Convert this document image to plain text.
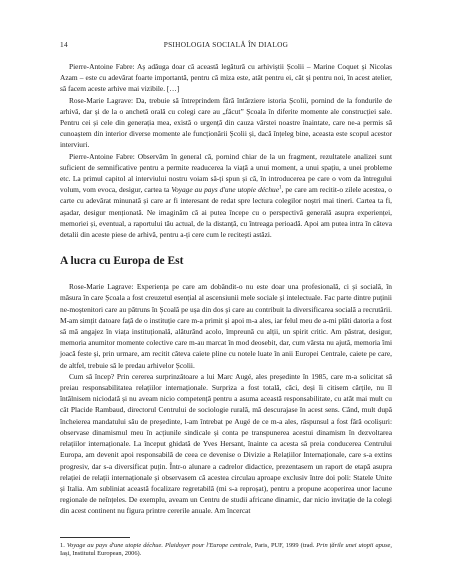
14	PSIHOLOGIA SOCIALĂ ÎN DIALOG

Pierre-Antoine Fabre: Aș adăuga doar că această legătură cu arhiviștii Școlii – Marine Coquet și Nicolas Azam – este cu adevărat foarte importantă, pentru că miza este, atât pentru ei, cât și pentru noi, în acest atelier, să facem aceste arhive mai vizibile. […]

Rose-Marie Lagrave: Da, trebuie să întreprindem fără întârziere istoria Școlii, pornind de la fondurile de arhivă, dar și de la o anchetă orală cu colegi care au „făcut” Școala în diferite momente ale construcției sale. Pentru cei și cele din generația mea, există o urgență din cauza vârstei noastre înaintate, care ne-a permis să cunoaștem din interior diverse momente ale funcționării Școlii și, dacă înțeleg bine, aceasta este scopul acestor interviuri.

Pierre-Antoine Fabre: Observăm în general că, pornind chiar de la un fragment, rezultatele analizei sunt suficient de semnificative pentru a permite readucerea la viață a unui moment, a unui spațiu, a unei probleme etc. La primul capitol al interviului nostru voiam să-ți spun și că, în introducerea pe care o vom da întregului volum, vom evoca, desigur, cartea ta Voyage au pays d'une utopie déchue$^1$, pe care am recitit-o zilele acestea, o carte cu adevărat minunată și care ar fi interesant de redat spre lectura colegilor noștri mai tineri. Cartea ta fi, așadar, desigur menționată. Ne imaginăm că ai putea începe cu o perspectivă generală asupra experienței, memoriei și, eventual, a raportului tău actual, de la distanță, cu întreaga perioadă. Apoi am putea intra în câteva detalii din aceste piese de arhivă, pentru a-ți cere cum le recitești astăzi.

A lucra cu Europa de Est

Rose-Marie Lagrave: Experiența pe care am dobândit-o nu este doar una profesională, ci și socială, în măsura în care Școala a fost creuzetul esențial al ascensiunii mele sociale și intelectuale. Fac parte dintre puținii ne-moștenitori care au pătruns în Școală pe ușa din dos și care au contribuit la diversificarea socială a recrutării. M-am simțit datoare față de o instituție care m-a primit și apoi m-a ales, iar felul meu de a-mi plăti datoria a fost să mă angajez în viața instituțională, alăturând acolo, împreună cu alții, un spirit critic. Am păstrat, desigur, memoria anumitor momente colective care m-au marcat în mod deosebit, dar, cum vârsta nu ajută, memoria îmi joacă feste și, prin urmare, am recitit câteva caiete pline cu notele luate în anii Europei Centrale, caiete pe care, de altfel, trebuie să le predau arhivelor Școlii.

Cum să încep? Prin cererea surprinzătoare a lui Marc Augé, ales președinte în 1985, care m-a solicitat să preiau responsabilitatea relațiilor internaționale. Surpriza a fost totală, căci, deși îi citisem cărțile, nu îl întâlnisem niciodată și nu aveam nicio competență pentru a asuma această responsabilitate, cu atât mai mult cu cât Placide Rambaud, directorul Centrului de sociologie rurală, mă descurajase în acest sens. Când, mult după încheierea mandatului său de președinte, l-am întrebat pe Augé de ce m-a ales, răspunsul a fost fără ocolișuri: observase dinamismul meu în acțiunile sindicale și conta pe transpunerea acestui dinamism în dezvoltarea relațiilor internaționale. La început ghidată de Yves Hersant, înainte ca acesta să preia conducerea Centrului Europa, am devenit apoi responsabilă de ceea ce devenise o Divizie a Relațiilor Internaționale, care s-a extins progresiv, dar s-a diversificat puțin. Într-o alunare a cadrelor didactice, prezentasem un raport de etapă asupra relației de relații internaționale și observasem că acestea circulau aproape exclusiv între doi poli: Statele Unite și Italia. Am subliniat această focalizare regretabilă (mi s-a reproșat), pentru a propune acoperirea unor lacune regionale de neînțeles. De exemplu, aveam un Centru de studii africane dinamic, dar nicio invitație de la colegi din acest continent nu figura printre cererile anuale. Am încercat

1. Voyage au pays d'une utopie déchue. Plaidoyer pour l'Europe centrale, Paris, PUF, 1999 (trad. Prin țările unei utopii apuse, Iași, Institutul European, 2006).
